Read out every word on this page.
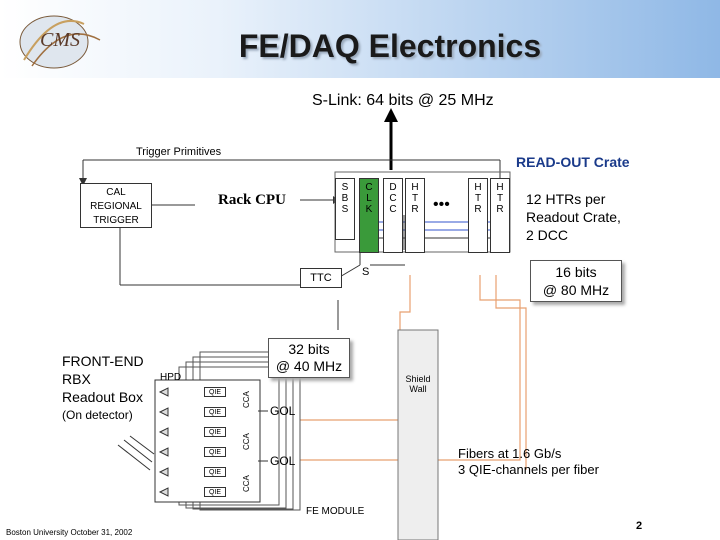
CMS	FE/DAQ Electronics
S-Link: 64 bits @ 25 MHz
Trigger Primitives
READ-OUT Crate
CAL
REGIONAL
TRIGGER
Rack CPU
S
B
S
C
L
K
D
C
C
H
T
R •••
H
T
R
H
T
R
12 HTRs per
Readout Crate,
2 DCC
TTC	S	16 bits
@ 80 MHz
32 bits
@ 40 MHz
FRONT-END
RBX
Readout Box
(On detector)
HPD
QIE
QIE
QIE
QIE
QIE
QIE
CCA
CCA
CCA
GOL
GOL
Shield
Wall
Fibers at 1.6 Gb/s
3 QIE-channels per fiber
FE MODULE
Boston University October 31, 2002
2
